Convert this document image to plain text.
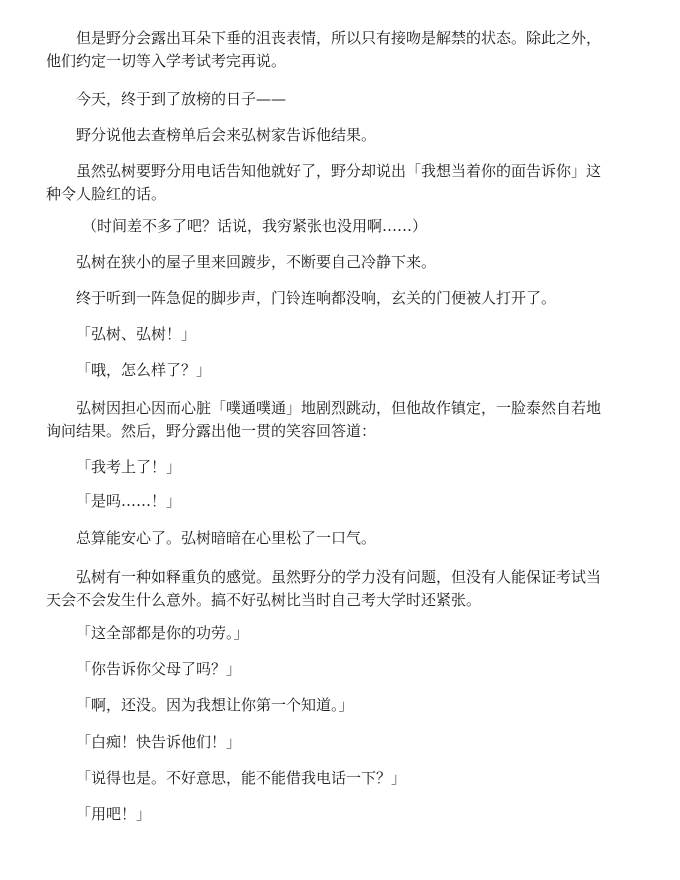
但是野分会露出耳朵下垂的沮丧表情，所以只有接吻是解禁的状态。除此之外，
他们约定一切等入学考试考完再说。
今天，终于到了放榜的日子——
野分说他去查榜单后会来弘树家告诉他结果。
虽然弘树要野分用电话告知他就好了，野分却说出「我想当着你的面告诉你」这
种令人脸红的话。
（时间差不多了吧？话说，我穷紧张也没用啊……）
弘树在狭小的屋子里来回踱步，不断要自己冷静下来。
终于听到一阵急促的脚步声，门铃连响都没响，玄关的门便被人打开了。
「弘树、弘树！」
「哦，怎么样了？」
弘树因担心因而心脏「噗通噗通」地剧烈跳动，但他故作镇定，一脸泰然自若地
询问结果。然后，野分露出他一贯的笑容回答道：
「我考上了！」
「是吗……！」
总算能安心了。弘树暗暗在心里松了一口气。
弘树有一种如释重负的感觉。虽然野分的学力没有问题，但没有人能保证考试当
天会不会发生什么意外。搞不好弘树比当时自己考大学时还紧张。
「这全部都是你的功劳。」
「你告诉你父母了吗？」
「啊，还没。因为我想让你第一个知道。」
「白痴！快告诉他们！」
「说得也是。不好意思，能不能借我电话一下？」
「用吧！」
